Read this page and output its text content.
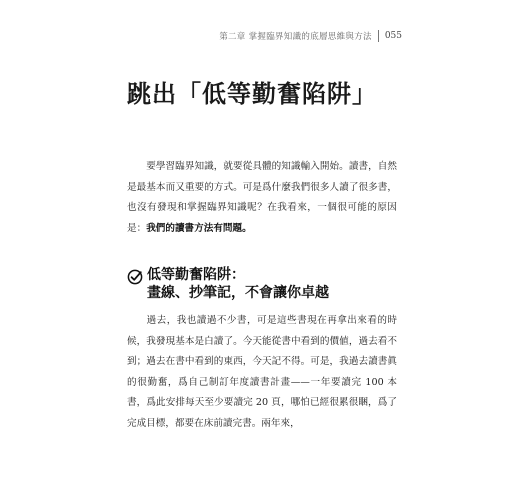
第二章 掌握臨界知識的底層思維與方法 055
跳出「低等勤奮陷阱」

要學習臨界知識，就要從具體的知識輸入開始。讀書，自然是最基本而又重要的方式。可是爲什麼我們很多人讀了很多書，也沒有發現和掌握臨界知識呢？在我看來，一個很可能的原因是：我們的讀書方法有問題。

低等勤奮陷阱：
畫線、抄筆記，不會讓你卓越

過去，我也讀過不少書，可是這些書現在再拿出來看的時候，我發現基本是白讀了。今天能從書中看到的價値，過去看不到；過去在書中看到的東西，今天記不得。可是，我過去讀書眞的很勤奮，爲自己制訂年度讀書計畫——一年要讀完 100 本書，爲此安排每天至少要讀完 20 頁，哪怕已經很累很睏，爲了完成目標，都要在床前讀完書。兩年來，
